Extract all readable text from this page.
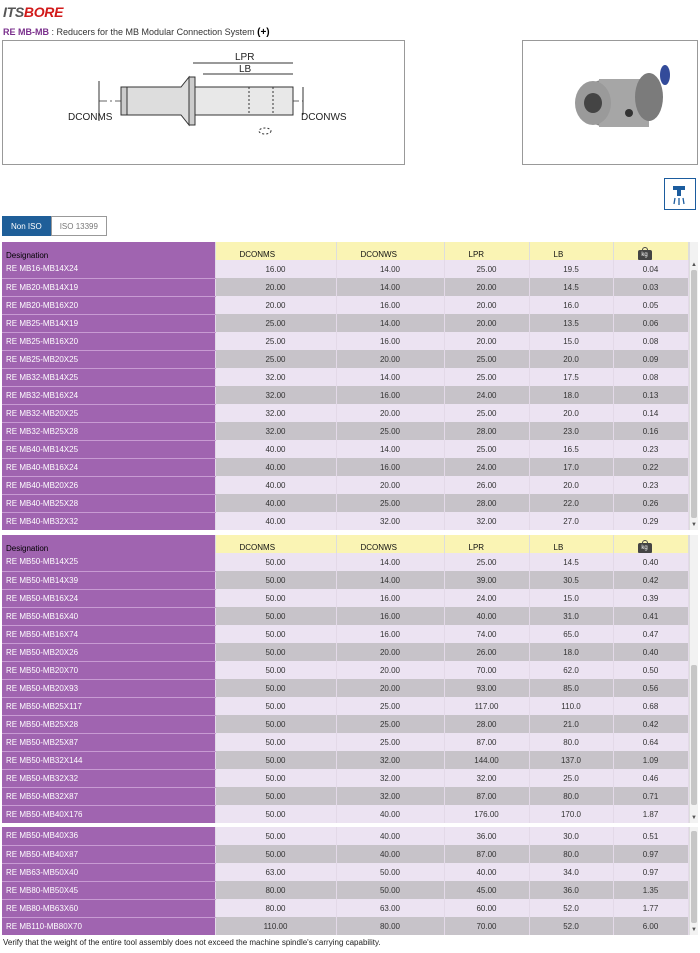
ITSBORE
RE MB-MB : Reducers for the MB Modular Connection System (+)
LPR
LB
DCONMS	DCONWS
Non ISO	ISO 13399
Designation	DCONMS	DCONWS	LPR	LB	kg
RE MB16-MB14X24	16.00	14.00	25.00	19.5	0.04
RE MB20-MB14X19	20.00	14.00	20.00	14.5	0.03
RE MB20-MB16X20	20.00	16.00	20.00	16.0	0.05
RE MB25-MB14X19	25.00	14.00	20.00	13.5	0.06
RE MB25-MB16X20	25.00	16.00	20.00	15.0	0.08
RE MB25-MB20X25	25.00	20.00	25.00	20.0	0.09
RE MB32-MB14X25	32.00	14.00	25.00	17.5	0.08
RE MB32-MB16X24	32.00	16.00	24.00	18.0	0.13
RE MB32-MB20X25	32.00	20.00	25.00	20.0	0.14
RE MB32-MB25X28	32.00	25.00	28.00	23.0	0.16
RE MB40-MB14X25	40.00	14.00	25.00	16.5	0.23
RE MB40-MB16X24	40.00	16.00	24.00	17.0	0.22
RE MB40-MB20X26	40.00	20.00	26.00	20.0	0.23
RE MB40-MB25X28	40.00	25.00	28.00	22.0	0.26
RE MB40-MB32X32	40.00	32.00	32.00	27.0	0.29
▲
▼
Designation	DCONMS	DCONWS	LPR	LB	kg
RE MB50-MB14X25	50.00	14.00	25.00	14.5	0.40
RE MB50-MB14X39	50.00	14.00	39.00	30.5	0.42
RE MB50-MB16X24	50.00	16.00	24.00	15.0	0.39
RE MB50-MB16X40	50.00	16.00	40.00	31.0	0.41
RE MB50-MB16X74	50.00	16.00	74.00	65.0	0.47
RE MB50-MB20X26	50.00	20.00	26.00	18.0	0.40
RE MB50-MB20X70	50.00	20.00	70.00	62.0	0.50
RE MB50-MB20X93	50.00	20.00	93.00	85.0	0.56
RE MB50-MB25X117	50.00	25.00	117.00	110.0	0.68
RE MB50-MB25X28	50.00	25.00	28.00	21.0	0.42
RE MB50-MB25X87	50.00	25.00	87.00	80.0	0.64
RE MB50-MB32X144	50.00	32.00	144.00	137.0	1.09
RE MB50-MB32X32	50.00	32.00	32.00	25.0	0.46
RE MB50-MB32X87	50.00	32.00	87.00	80.0	0.71
RE MB50-MB40X176	50.00	40.00	176.00	170.0	1.87	▼
RE MB50-MB40X36	50.00	40.00	36.00	30.0	0.51
RE MB50-MB40X87	50.00	40.00	87.00	80.0	0.97
RE MB63-MB50X40	63.00	50.00	40.00	34.0	0.97
RE MB80-MB50X45	80.00	50.00	45.00	36.0	1.35
RE MB80-MB63X60	80.00	63.00	60.00	52.0	1.77
RE MB110-MB80X70	110.00	80.00	70.00	52.0	6.00	▼
Verify that the weight of the entire tool assembly does not exceed the machine spindle's carrying capability.
